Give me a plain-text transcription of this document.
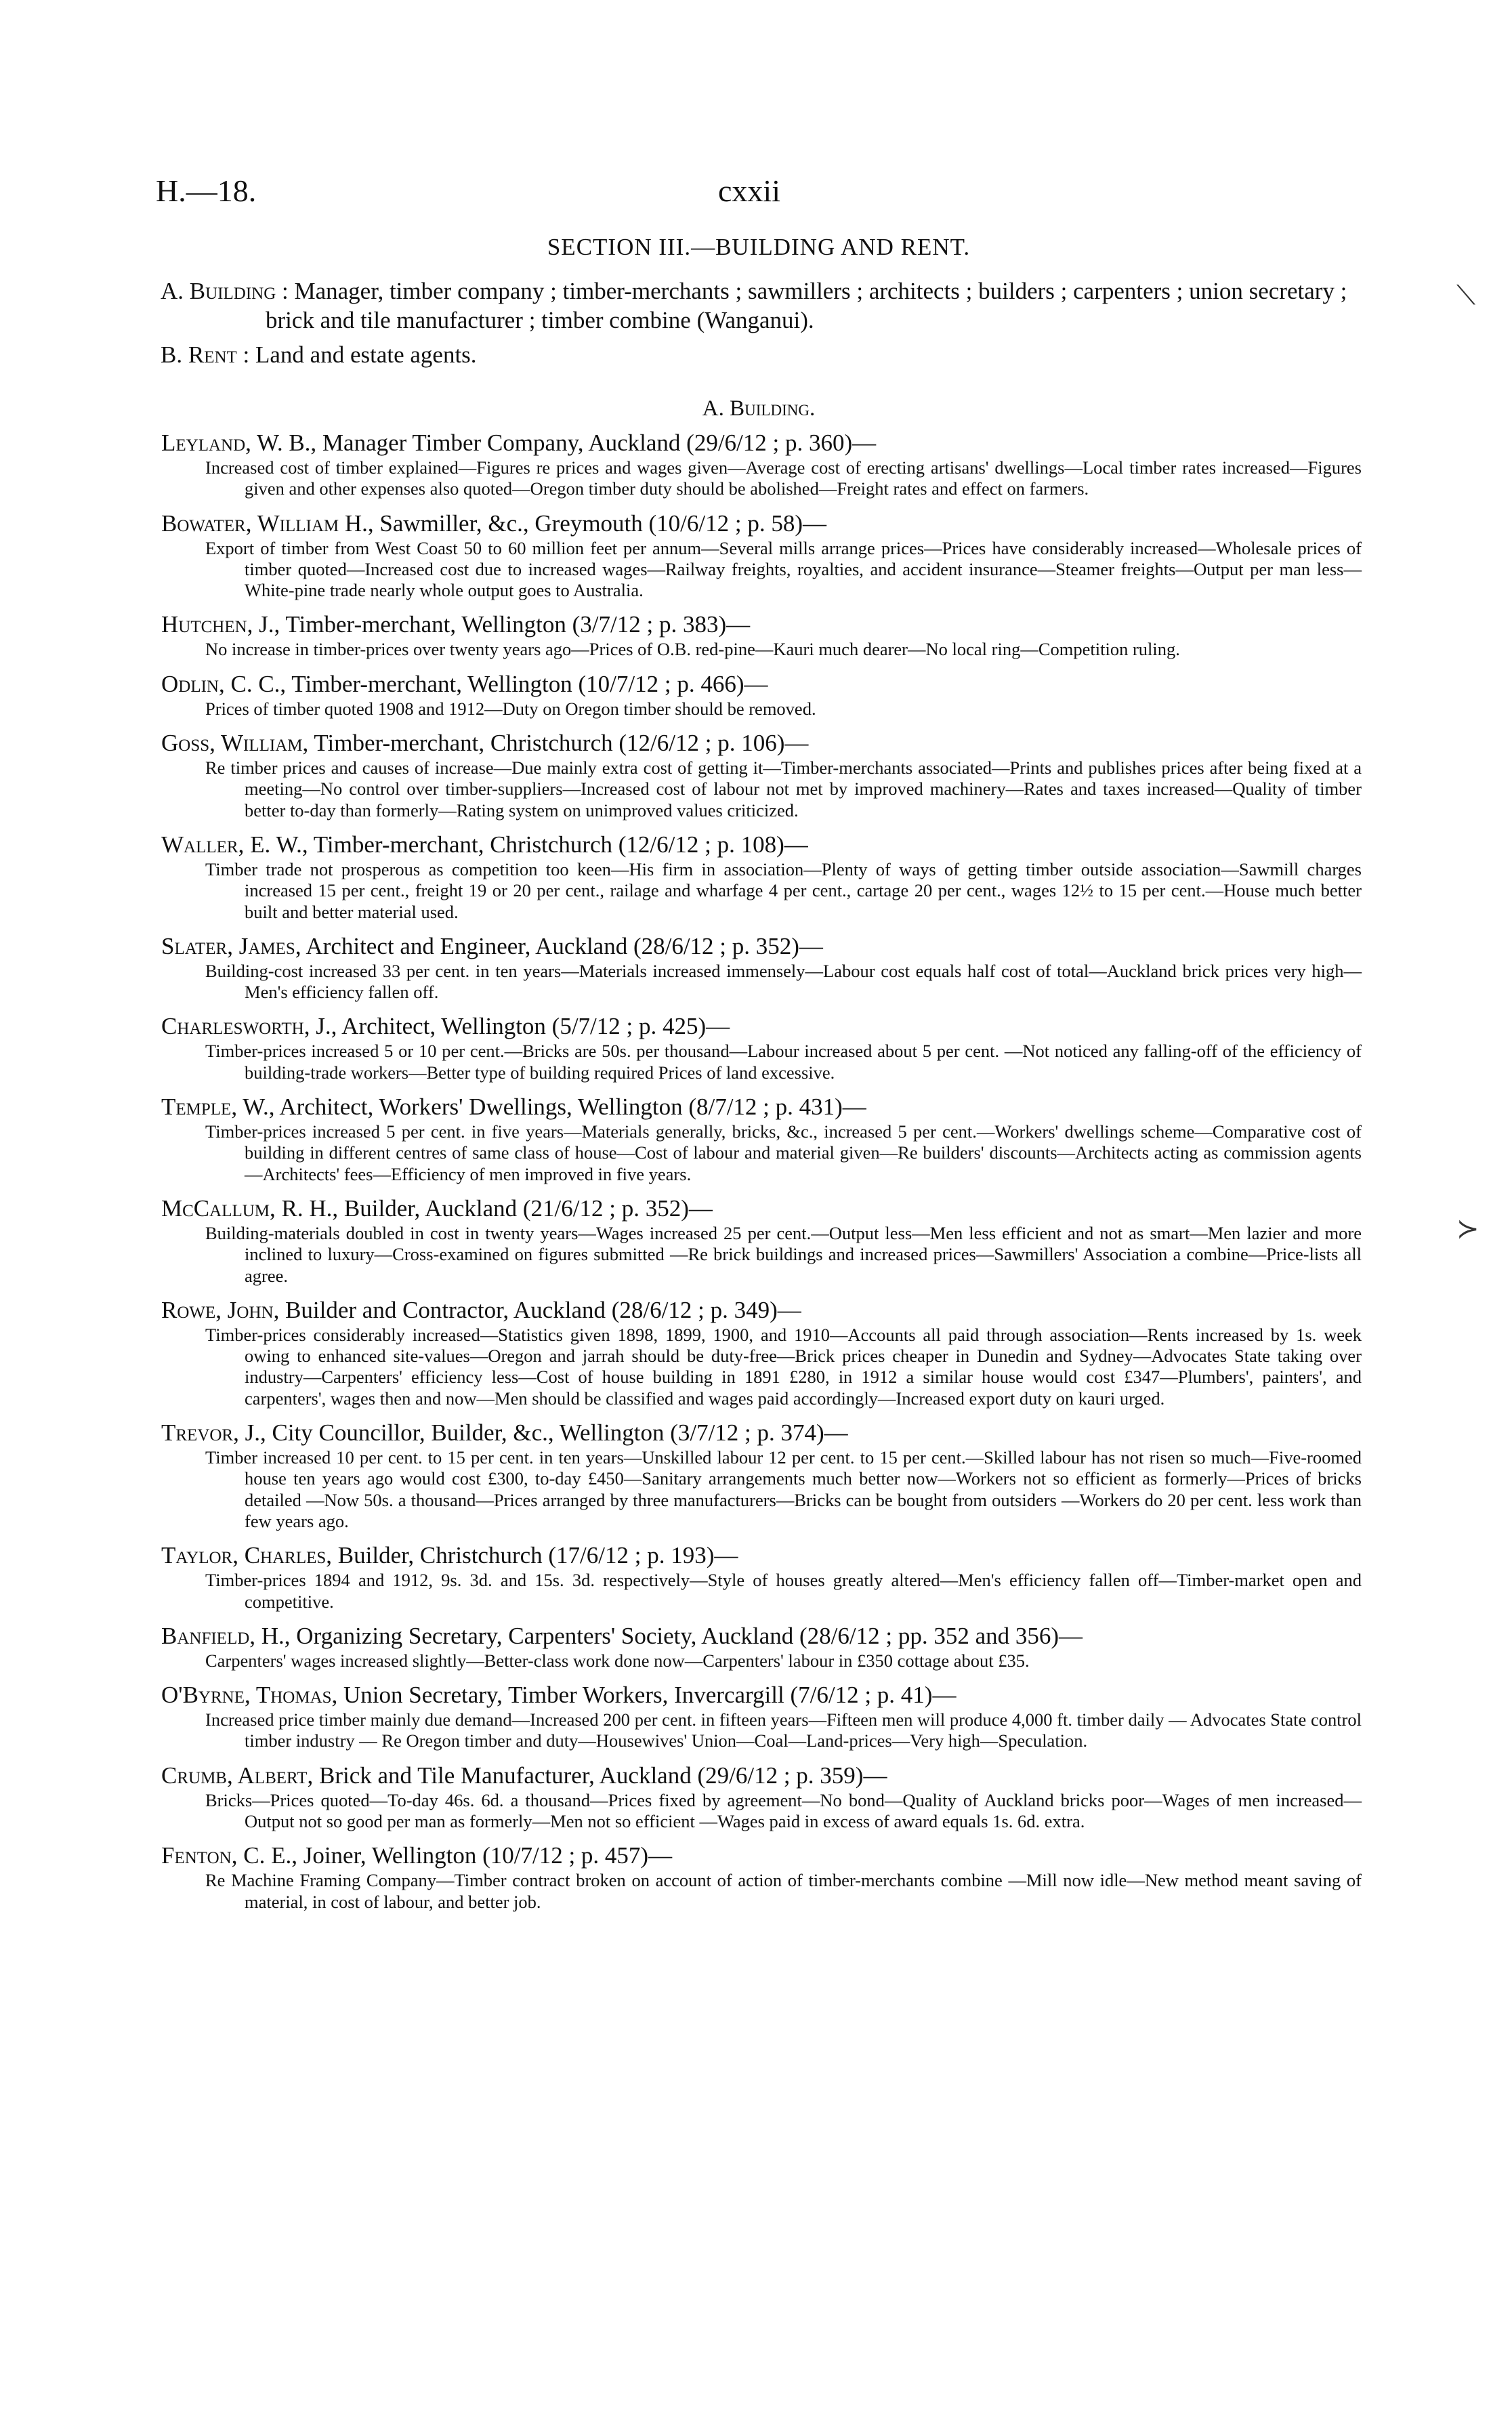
H.—18.	cxxii
SECTION III.—BUILDING AND RENT.
A. Building : Manager, timber company ; timber-merchants ; sawmillers ; architects ; builders ; carpenters ; union secretary ; brick and tile manufacturer ; timber combine (Wanganui).
B. Rent : Land and estate agents.
A. Building.
Leyland, W. B., Manager Timber Company, Auckland (29/6/12 ; p. 360)—
Increased cost of timber explained—Figures re prices and wages given—Average cost of erecting artisans' dwellings—Local timber rates increased—Figures given and other expenses also quoted—Oregon timber duty should be abolished—Freight rates and effect on farmers.
Bowater, William H., Sawmiller, &c., Greymouth (10/6/12 ; p. 58)—
Export of timber from West Coast 50 to 60 million feet per annum—Several mills arrange prices—Prices have considerably increased—Wholesale prices of timber quoted—Increased cost due to increased wages—Railway freights, royalties, and accident insurance—Steamer freights—Output per man less—White-pine trade nearly whole output goes to Australia.
Hutchen, J., Timber-merchant, Wellington (3/7/12 ; p. 383)—
No increase in timber-prices over twenty years ago—Prices of O.B. red-pine—Kauri much dearer—No local ring—Competition ruling.
Odlin, C. C., Timber-merchant, Wellington (10/7/12 ; p. 466)—
Prices of timber quoted 1908 and 1912—Duty on Oregon timber should be removed.
Goss, William, Timber-merchant, Christchurch (12/6/12 ; p. 106)—
Re timber prices and causes of increase—Due mainly extra cost of getting it—Timber-merchants associated—Prints and publishes prices after being fixed at a meeting—No control over timber-suppliers—Increased cost of labour not met by improved machinery—Rates and taxes increased—Quality of timber better to-day than formerly—Rating system on unimproved values criticized.
Waller, E. W., Timber-merchant, Christchurch (12/6/12 ; p. 108)—
Timber trade not prosperous as competition too keen—His firm in association—Plenty of ways of getting timber outside association—Sawmill charges increased 15 per cent., freight 19 or 20 per cent., railage and wharfage 4 per cent., cartage 20 per cent., wages 12½ to 15 per cent.—House much better built and better material used.
Slater, James, Architect and Engineer, Auckland (28/6/12 ; p. 352)—
Building-cost increased 33 per cent. in ten years—Materials increased immensely—Labour cost equals half cost of total—Auckland brick prices very high—Men's efficiency fallen off.
Charlesworth, J., Architect, Wellington (5/7/12 ; p. 425)—
Timber-prices increased 5 or 10 per cent.—Bricks are 50s. per thousand—Labour increased about 5 per cent. —Not noticed any falling-off of the efficiency of building-trade workers—Better type of building required Prices of land excessive.
Temple, W., Architect, Workers' Dwellings, Wellington (8/7/12 ; p. 431)—
Timber-prices increased 5 per cent. in five years—Materials generally, bricks, &c., increased 5 per cent.—Workers' dwellings scheme—Comparative cost of building in different centres of same class of house—Cost of labour and material given—Re builders' discounts—Architects acting as commission agents—Architects' fees—Efficiency of men improved in five years.
McCallum, R. H., Builder, Auckland (21/6/12 ; p. 352)—
Building-materials doubled in cost in twenty years—Wages increased 25 per cent.—Output less—Men less efficient and not as smart—Men lazier and more inclined to luxury—Cross-examined on figures submitted —Re brick buildings and increased prices—Sawmillers' Association a combine—Price-lists all agree.
Rowe, John, Builder and Contractor, Auckland (28/6/12 ; p. 349)—
Timber-prices considerably increased—Statistics given 1898, 1899, 1900, and 1910—Accounts all paid through association—Rents increased by 1s. week owing to enhanced site-values—Oregon and jarrah should be duty-free—Brick prices cheaper in Dunedin and Sydney—Advocates State taking over industry—Carpenters' efficiency less—Cost of house building in 1891 £280, in 1912 a similar house would cost £347—Plumbers', painters', and carpenters', wages then and now—Men should be classified and wages paid accordingly—Increased export duty on kauri urged.
Trevor, J., City Councillor, Builder, &c., Wellington (3/7/12 ; p. 374)—
Timber increased 10 per cent. to 15 per cent. in ten years—Unskilled labour 12 per cent. to 15 per cent.—Skilled labour has not risen so much—Five-roomed house ten years ago would cost £300, to-day £450—Sanitary arrangements much better now—Workers not so efficient as formerly—Prices of bricks detailed —Now 50s. a thousand—Prices arranged by three manufacturers—Bricks can be bought from outsiders —Workers do 20 per cent. less work than few years ago.
Taylor, Charles, Builder, Christchurch (17/6/12 ; p. 193)—
Timber-prices 1894 and 1912, 9s. 3d. and 15s. 3d. respectively—Style of houses greatly altered—Men's efficiency fallen off—Timber-market open and competitive.
Banfield, H., Organizing Secretary, Carpenters' Society, Auckland (28/6/12 ; pp. 352 and 356)—
Carpenters' wages increased slightly—Better-class work done now—Carpenters' labour in £350 cottage about £35.
O'Byrne, Thomas, Union Secretary, Timber Workers, Invercargill (7/6/12 ; p. 41)—
Increased price timber mainly due demand—Increased 200 per cent. in fifteen years—Fifteen men will produce 4,000 ft. timber daily — Advocates State control timber industry — Re Oregon timber and duty—Housewives' Union—Coal—Land-prices—Very high—Speculation.
Crumb, Albert, Brick and Tile Manufacturer, Auckland (29/6/12 ; p. 359)—
Bricks—Prices quoted—To-day 46s. 6d. a thousand—Prices fixed by agreement—No bond—Quality of Auckland bricks poor—Wages of men increased—Output not so good per man as formerly—Men not so efficient —Wages paid in excess of award equals 1s. 6d. extra.
Fenton, C. E., Joiner, Wellington (10/7/12 ; p. 457)—
Re Machine Framing Company—Timber contract broken on account of action of timber-merchants combine —Mill now idle—New method meant saving of material, in cost of labour, and better job.
⟍
≻
